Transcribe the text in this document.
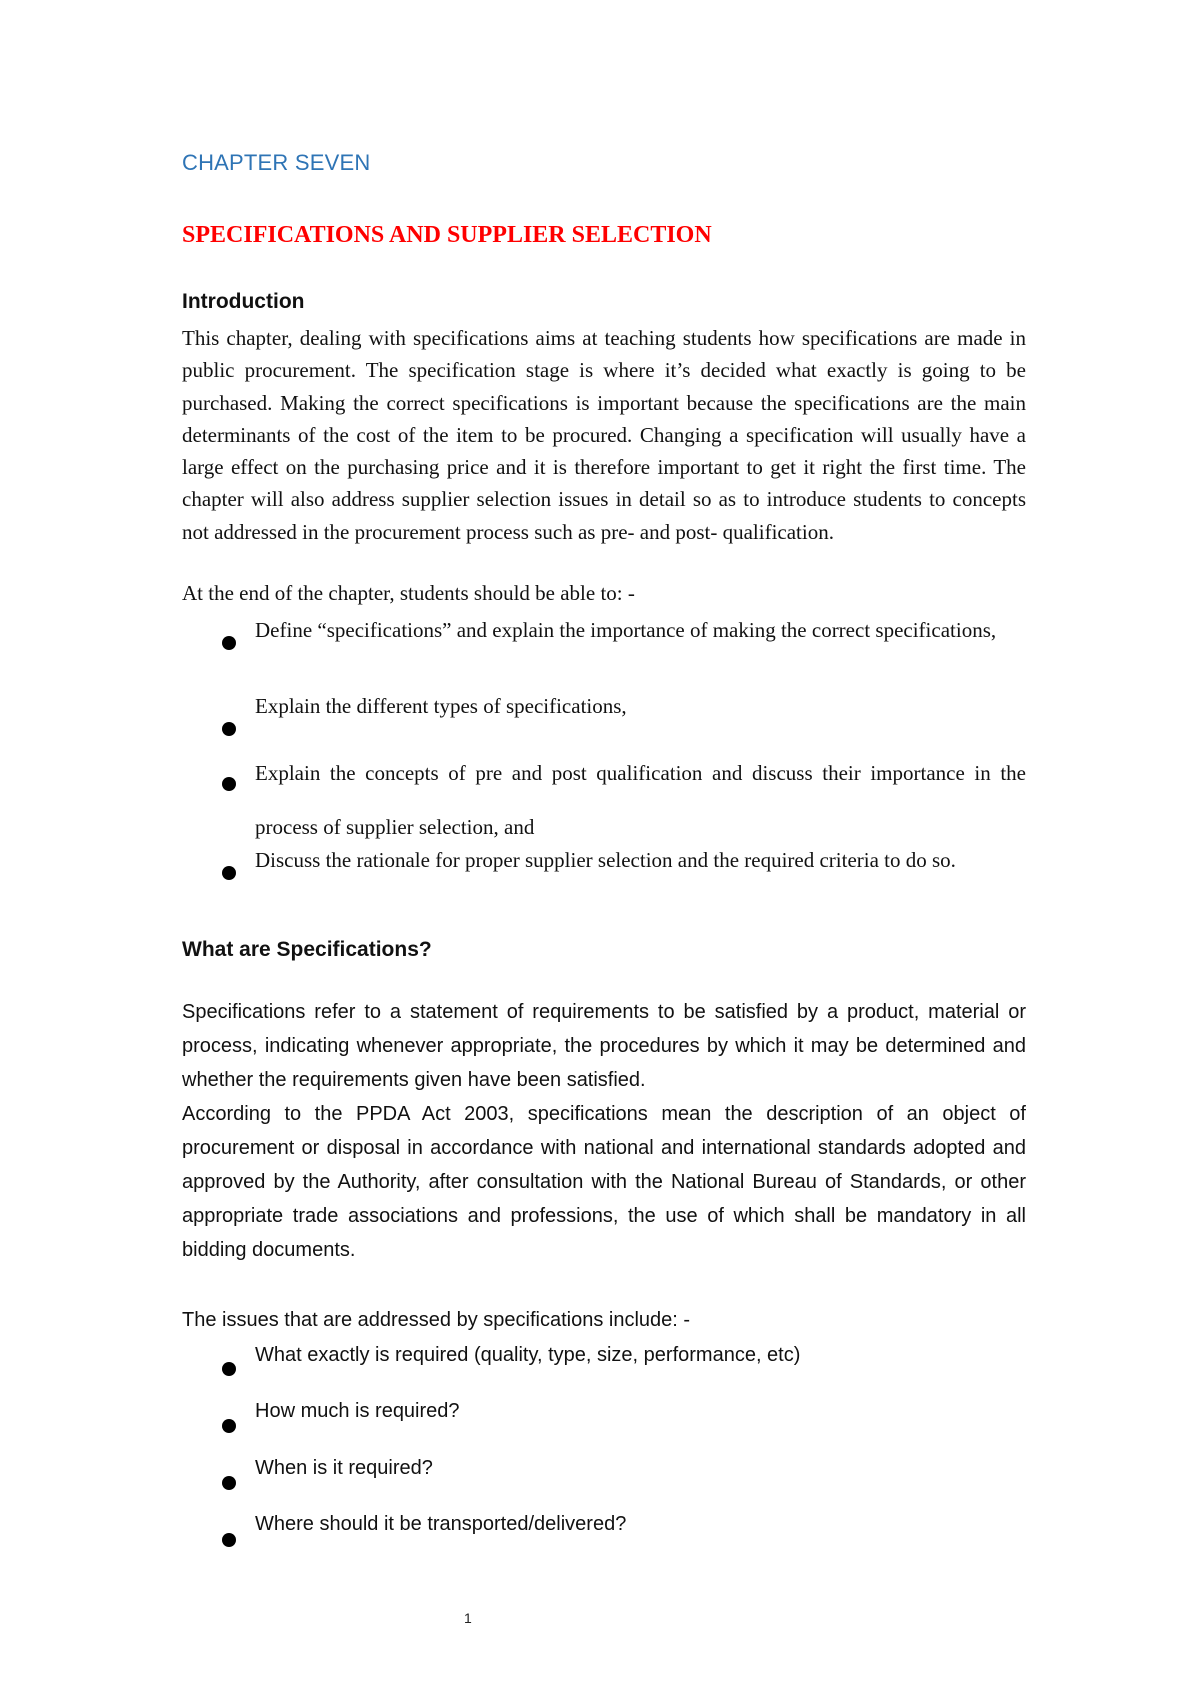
CHAPTER SEVEN
SPECIFICATIONS AND SUPPLIER SELECTION
Introduction

This chapter, dealing with specifications aims at teaching students how specifications are made in public procurement. The specification stage is where it’s decided what exactly is going to be purchased. Making the correct specifications is important because the specifications are the main determinants of the cost of the item to be procured. Changing a specification will usually have a large effect on the purchasing price and it is therefore important to get it right the first time. The chapter will also address supplier selection issues in detail so as to introduce students to concepts not addressed in the procurement process such as pre- and post- qualification.

At the end of the chapter, students should be able to: -

Define “specifications” and explain the importance of making the correct specifications,

Explain the different types of specifications,

Explain the concepts of pre and post qualification and discuss their importance in the process of supplier selection, and

Discuss the rationale for proper supplier selection and the required criteria to do so.

What are Specifications?

Specifications refer to a statement of requirements to be satisfied by a product, material or process, indicating whenever appropriate, the procedures by which it may be determined and whether the requirements given have been satisfied.

According to the PPDA Act 2003, specifications mean the description of an object of procurement or disposal in accordance with national and international standards adopted and approved by the Authority, after consultation with the National Bureau of Standards, or other appropriate trade associations and professions, the use of which shall be mandatory in all bidding documents.

The issues that are addressed by specifications include: -

What exactly is required (quality, type, size, performance, etc)

How much is required?

When is it required?

Where should it be transported/delivered?

1
